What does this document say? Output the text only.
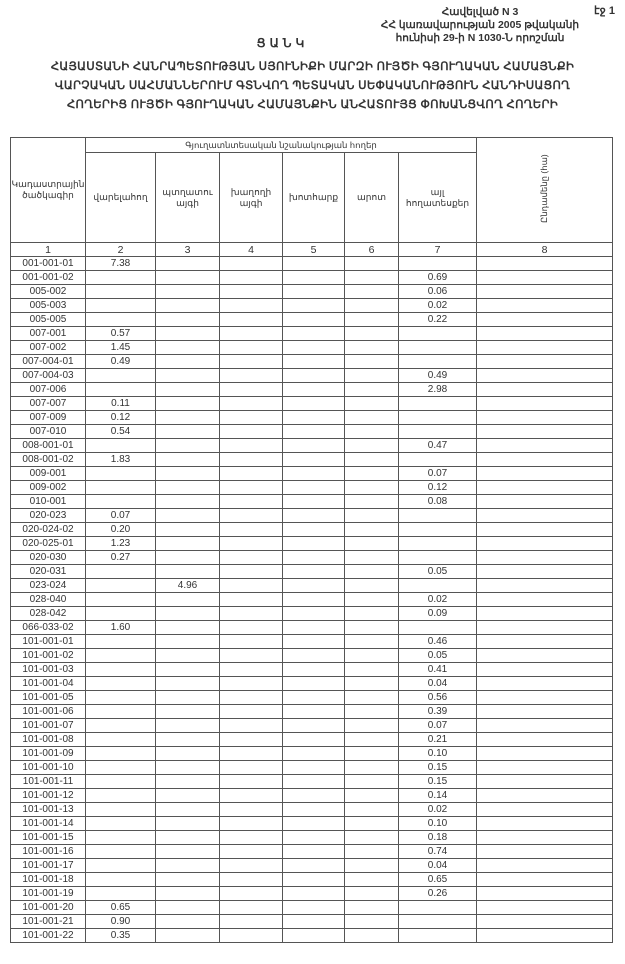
էջ 1
Հավելված N 3
ՀՀ կառավարության 2005 թվականի
հունիսի 29-ի N 1030-Ն որոշման
ՑԱՆԿ
ՀԱՅԱՍՏԱՆԻ ՀԱՆՐԱՊԵՏՈՒԹՅԱՆ ՍՅՈՒՆԻՔԻ ՄԱՐԶԻ ՈՒՅԾԻ ԳՅՈՒՂԱԿԱՆ ՀԱՄԱՅՆՔԻ
ՎԱՐՉԱԿԱՆ ՍԱՀՄԱՆՆԵՐՈՒՄ ԳՏՆՎՈՂ ՊԵՏԱԿԱՆ ՍԵՓԱԿԱՆՈՒԹՅՈՒՆ ՀԱՆԴԻՍԱՑՈՂ
ՀՈՂԵՐԻՑ ՈՒՅԾԻ ԳՅՈՒՂԱԿԱՆ ՀԱՄԱՅՆՔԻՆ ԱՆՀԱՏՈՒՅՑ ՓՈԽԱՆՑՎՈՂ ՀՈՂԵՐԻ
Կադաստրային ծածկագիր	Գյուղատնտեսական նշանակության հողեր						Ընդամենը (հա)
	վարելահող	պտղատու այգի	խաղողի այգի	խոտհարք	արոտ	այլ հողատեսքեր	
1	2	3	4	5	6	7	8
001-001-01	7.38						
001-001-02						0.69	
005-002						0.06	
005-003						0.02	
005-005						0.22	
007-001	0.57						
007-002	1.45						
007-004-01	0.49						
007-004-03						0.49	
007-006						2.98	
007-007	0.11						
007-009	0.12						
007-010	0.54						
008-001-01						0.47	
008-001-02	1.83						
009-001						0.07	
009-002						0.12	
010-001						0.08	
020-023	0.07						
020-024-02	0.20						
020-025-01	1.23						
020-030	0.27						
020-031						0.05	
023-024		4.96					
028-040						0.02	
028-042						0.09	
066-033-02	1.60						
101-001-01						0.46	
101-001-02						0.05	
101-001-03						0.41	
101-001-04						0.04	
101-001-05						0.56	
101-001-06						0.39	
101-001-07						0.07	
101-001-08						0.21	
101-001-09						0.10	
101-001-10						0.15	
101-001-11						0.15	
101-001-12						0.14	
101-001-13						0.02	
101-001-14						0.10	
101-001-15						0.18	
101-001-16						0.74	
101-001-17						0.04	
101-001-18						0.65	
101-001-19						0.26	
101-001-20	0.65						
101-001-21	0.90						
101-001-22	0.35						
